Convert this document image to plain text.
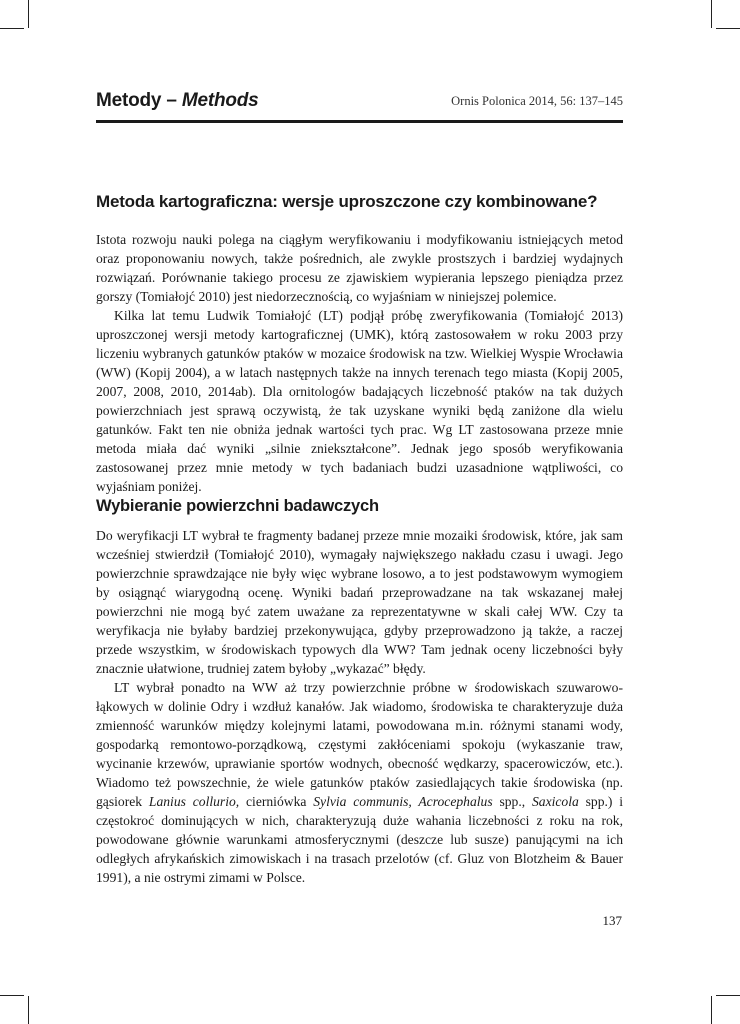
Metody – Methods	Ornis Polonica 2014, 56: 137–145
Metoda kartograficzna: wersje uproszczone czy kombinowane?

Istota rozwoju nauki polega na ciągłym weryfikowaniu i modyfikowaniu istniejących metod oraz proponowaniu nowych, także pośrednich, ale zwykle prostszych i bardziej wydajnych rozwiązań. Porównanie takiego procesu ze zjawiskiem wypierania lepszego pieniądza przez gorszy (Tomiałojć 2010) jest niedorzecznością, co wyjaśniam w niniejszej polemice.

Kilka lat temu Ludwik Tomiałojć (LT) podjął próbę zweryfikowania (Tomiałojć 2013) uproszczonej wersji metody kartograficznej (UMK), którą zastosowałem w roku 2003 przy liczeniu wybranych gatunków ptaków w mozaice środowisk na tzw. Wielkiej Wyspie Wrocławia (WW) (Kopij 2004), a w latach następnych także na innych terenach tego miasta (Kopij 2005, 2007, 2008, 2010, 2014ab). Dla ornitologów badających liczebność ptaków na tak dużych powierzchniach jest sprawą oczywistą, że tak uzyskane wyniki będą zaniżone dla wielu gatunków. Fakt ten nie obniża jednak wartości tych prac. Wg LT zastosowana przeze mnie metoda miała dać wyniki „silnie zniekształcone”. Jednak jego sposób weryfikowania zastosowanej przez mnie metody w tych badaniach budzi uzasadnione wątpliwości, co wyjaśniam poniżej.

Wybieranie powierzchni badawczych

Do weryfikacji LT wybrał te fragmenty badanej przeze mnie mozaiki środowisk, które, jak sam wcześniej stwierdził (Tomiałojć 2010), wymagały największego nakładu czasu i uwagi. Jego powierzchnie sprawdzające nie były więc wybrane losowo, a to jest podstawowym wymogiem by osiągnąć wiarygodną ocenę. Wyniki badań przeprowadzane na tak wskazanej małej powierzchni nie mogą być zatem uważane za reprezentatywne w skali całej WW. Czy ta weryfikacja nie byłaby bardziej przekonywująca, gdyby przeprowadzono ją także, a raczej przede wszystkim, w środowiskach typowych dla WW? Tam jednak oceny liczebności były znacznie ułatwione, trudniej zatem byłoby „wykazać” błędy.

LT wybrał ponadto na WW aż trzy powierzchnie próbne w środowiskach szuwarowo-łąkowych w dolinie Odry i wzdłuż kanałów. Jak wiadomo, środowiska te charakteryzuje duża zmienność warunków między kolejnymi latami, powodowana m.in. różnymi stanami wody, gospodarką remontowo-porządkową, częstymi zakłóceniami spokoju (wykaszanie traw, wycinanie krzewów, uprawianie sportów wodnych, obecność wędkarzy, spacerowiczów, etc.). Wiadomo też powszechnie, że wiele gatunków ptaków zasiedlających takie środowiska (np. gąsiorek Lanius collurio, cierniówka Sylvia communis, Acrocephalus spp., Saxicola spp.) i częstokroć dominujących w nich, charakteryzują duże wahania liczebności z roku na rok, powodowane głównie warunkami atmosferycznymi (deszcze lub susze) panującymi na ich odległych afrykańskich zimowiskach i na trasach przelotów (cf. Gluz von Blotzheim & Bauer 1991), a nie ostrymi zimami w Polsce.

137
